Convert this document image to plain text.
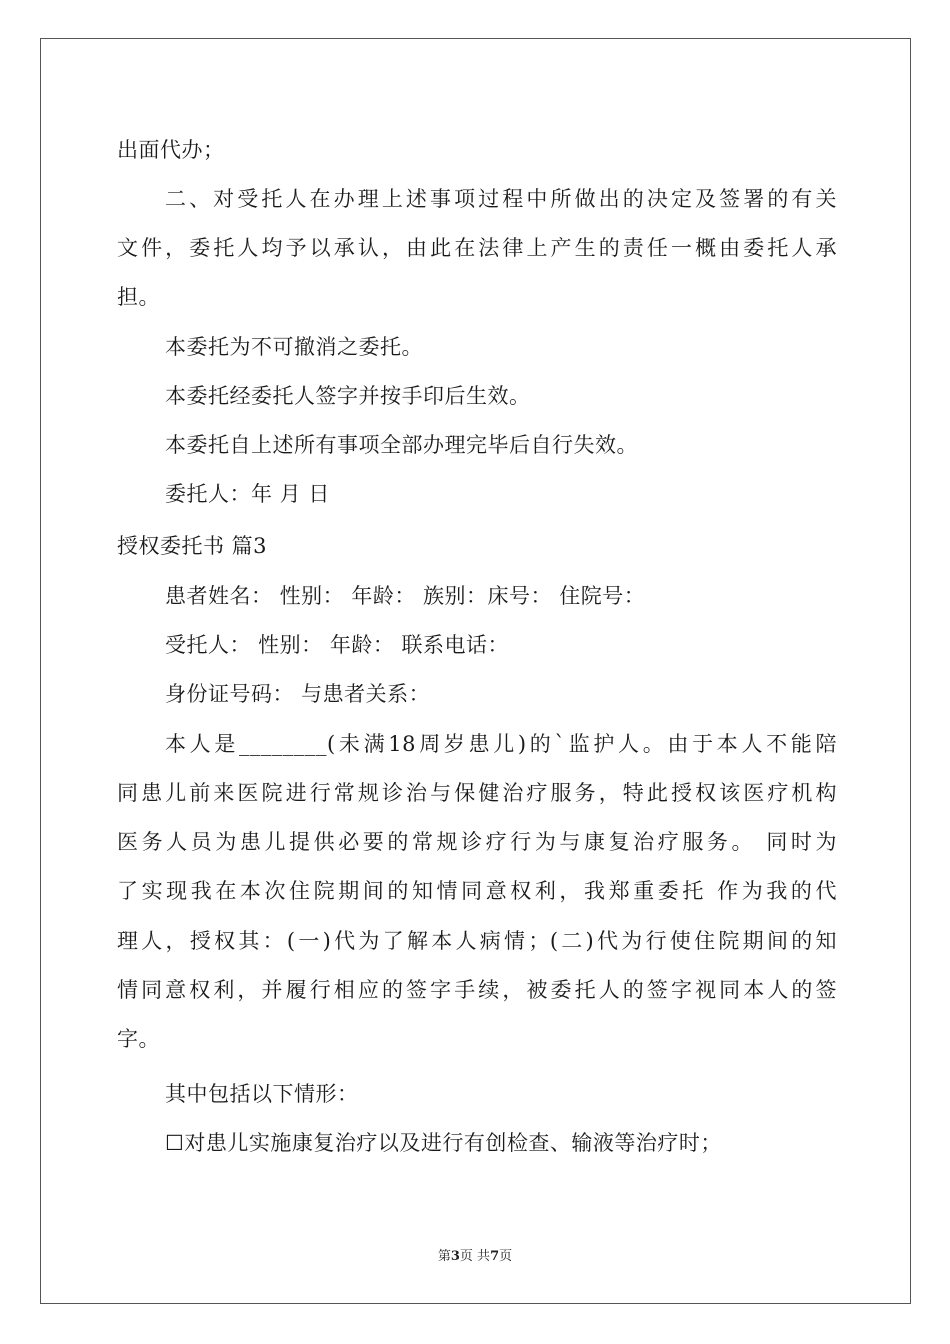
出面代办；
二、对受托人在办理上述事项过程中所做出的决定及签署的有关
文件，委托人均予以承认，由此在法律上产生的责任一概由委托人承
担。
本委托为不可撤消之委托。
本委托经委托人签字并按手印后生效。
本委托自上述所有事项全部办理完毕后自行失效。
委托人：年 月 日
授权委托书 篇3
患者姓名： 性别： 年龄： 族别：床号： 住院号：
受托人： 性别： 年龄： 联系电话：
身份证号码： 与患者关系：
本人是________(未满18周岁患儿)的`监护人。由于本人不能陪
同患儿前来医院进行常规诊治与保健治疗服务，特此授权该医疗机构
医务人员为患儿提供必要的常规诊疗行为与康复治疗服务。 同时为
了实现我在本次住院期间的知情同意权利，我郑重委托 作为我的代
理人，授权其：(一)代为了解本人病情；(二)代为行使住院期间的知
情同意权利，并履行相应的签字手续，被委托人的签字视同本人的签
字。
其中包括以下情形：
☐对患儿实施康复治疗以及进行有创检查、输液等治疗时；
第3页 共7页
